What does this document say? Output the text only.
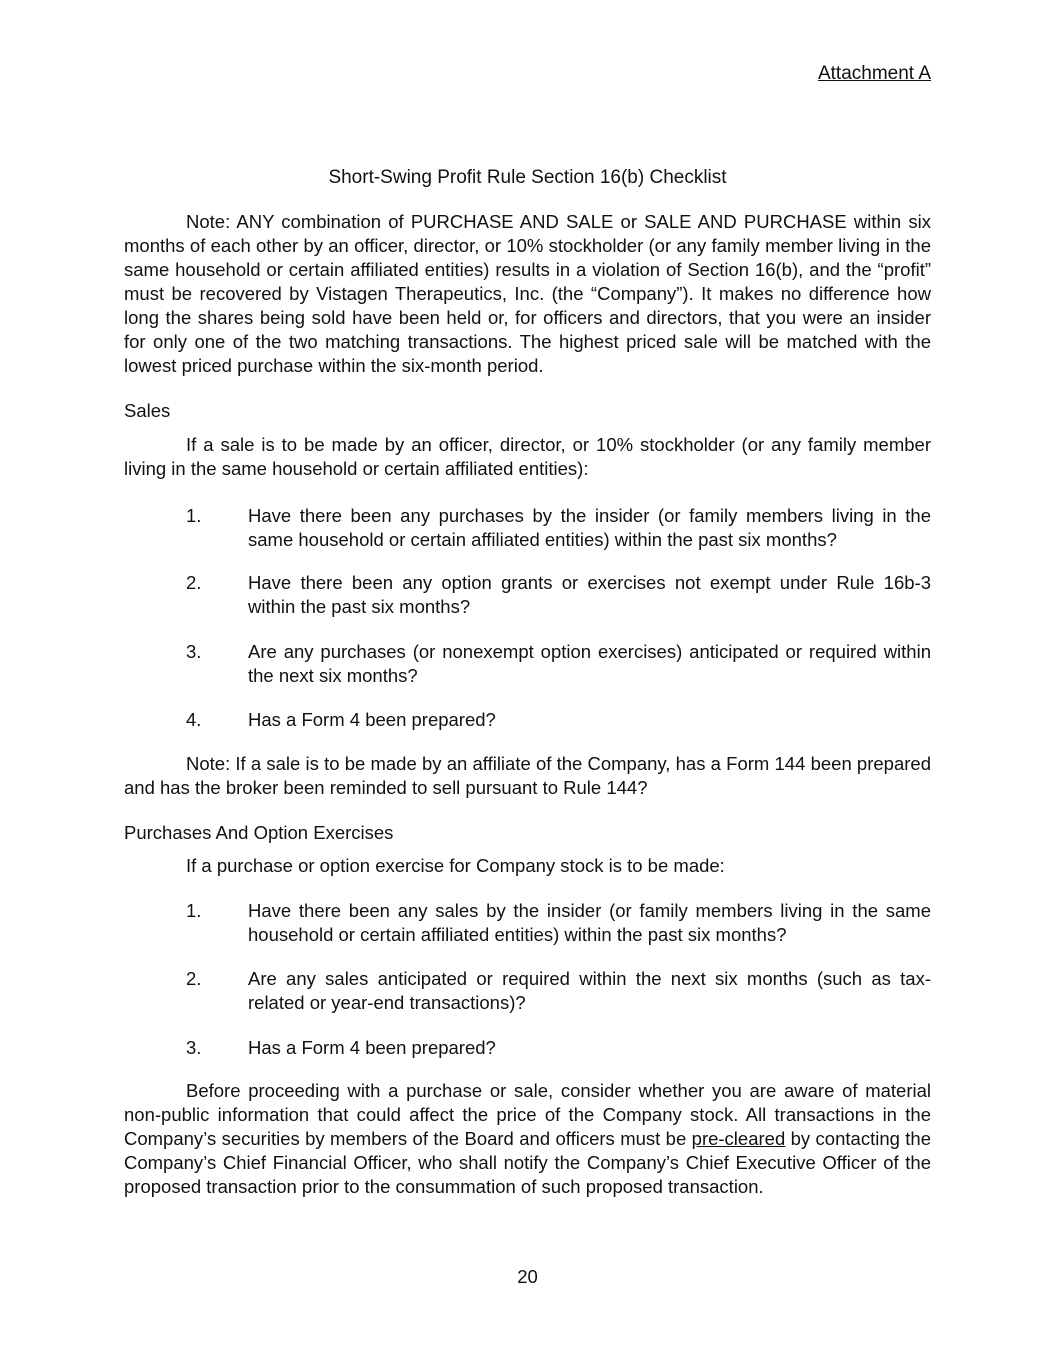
Attachment A
Short-Swing Profit Rule Section 16(b) Checklist

Note: ANY combination of PURCHASE AND SALE or SALE AND PURCHASE within six months of each other by an officer, director, or 10% stockholder (or any family member living in the same household or certain affiliated entities) results in a violation of Section 16(b), and the “profit” must be recovered by Vistagen Therapeutics, Inc. (the “Company”). It makes no difference how long the shares being sold have been held or, for officers and directors, that you were an insider for only one of the two matching transactions. The highest priced sale will be matched with the lowest priced purchase within the six-month period.

Sales

If a sale is to be made by an officer, director, or 10% stockholder (or any family member living in the same household or certain affiliated entities):

1.	Have there been any purchases by the insider (or family members living in the same household or certain affiliated entities) within the past six months?

2.	Have there been any option grants or exercises not exempt under Rule 16b-3 within the past six months?

3.	Are any purchases (or nonexempt option exercises) anticipated or required within the next six months?

4.	Has a Form 4 been prepared?

Note: If a sale is to be made by an affiliate of the Company, has a Form 144 been prepared and has the broker been reminded to sell pursuant to Rule 144?

Purchases And Option Exercises

If a purchase or option exercise for Company stock is to be made:

1.	Have there been any sales by the insider (or family members living in the same household or certain affiliated entities) within the past six months?

2.	Are any sales anticipated or required within the next six months (such as tax-related or year-end transactions)?

3.	Has a Form 4 been prepared?

Before proceeding with a purchase or sale, consider whether you are aware of material non-public information that could affect the price of the Company stock. All transactions in the Company’s securities by members of the Board and officers must be pre-cleared by contacting the Company’s Chief Financial Officer, who shall notify the Company’s Chief Executive Officer of the proposed transaction prior to the consummation of such proposed transaction.

20
